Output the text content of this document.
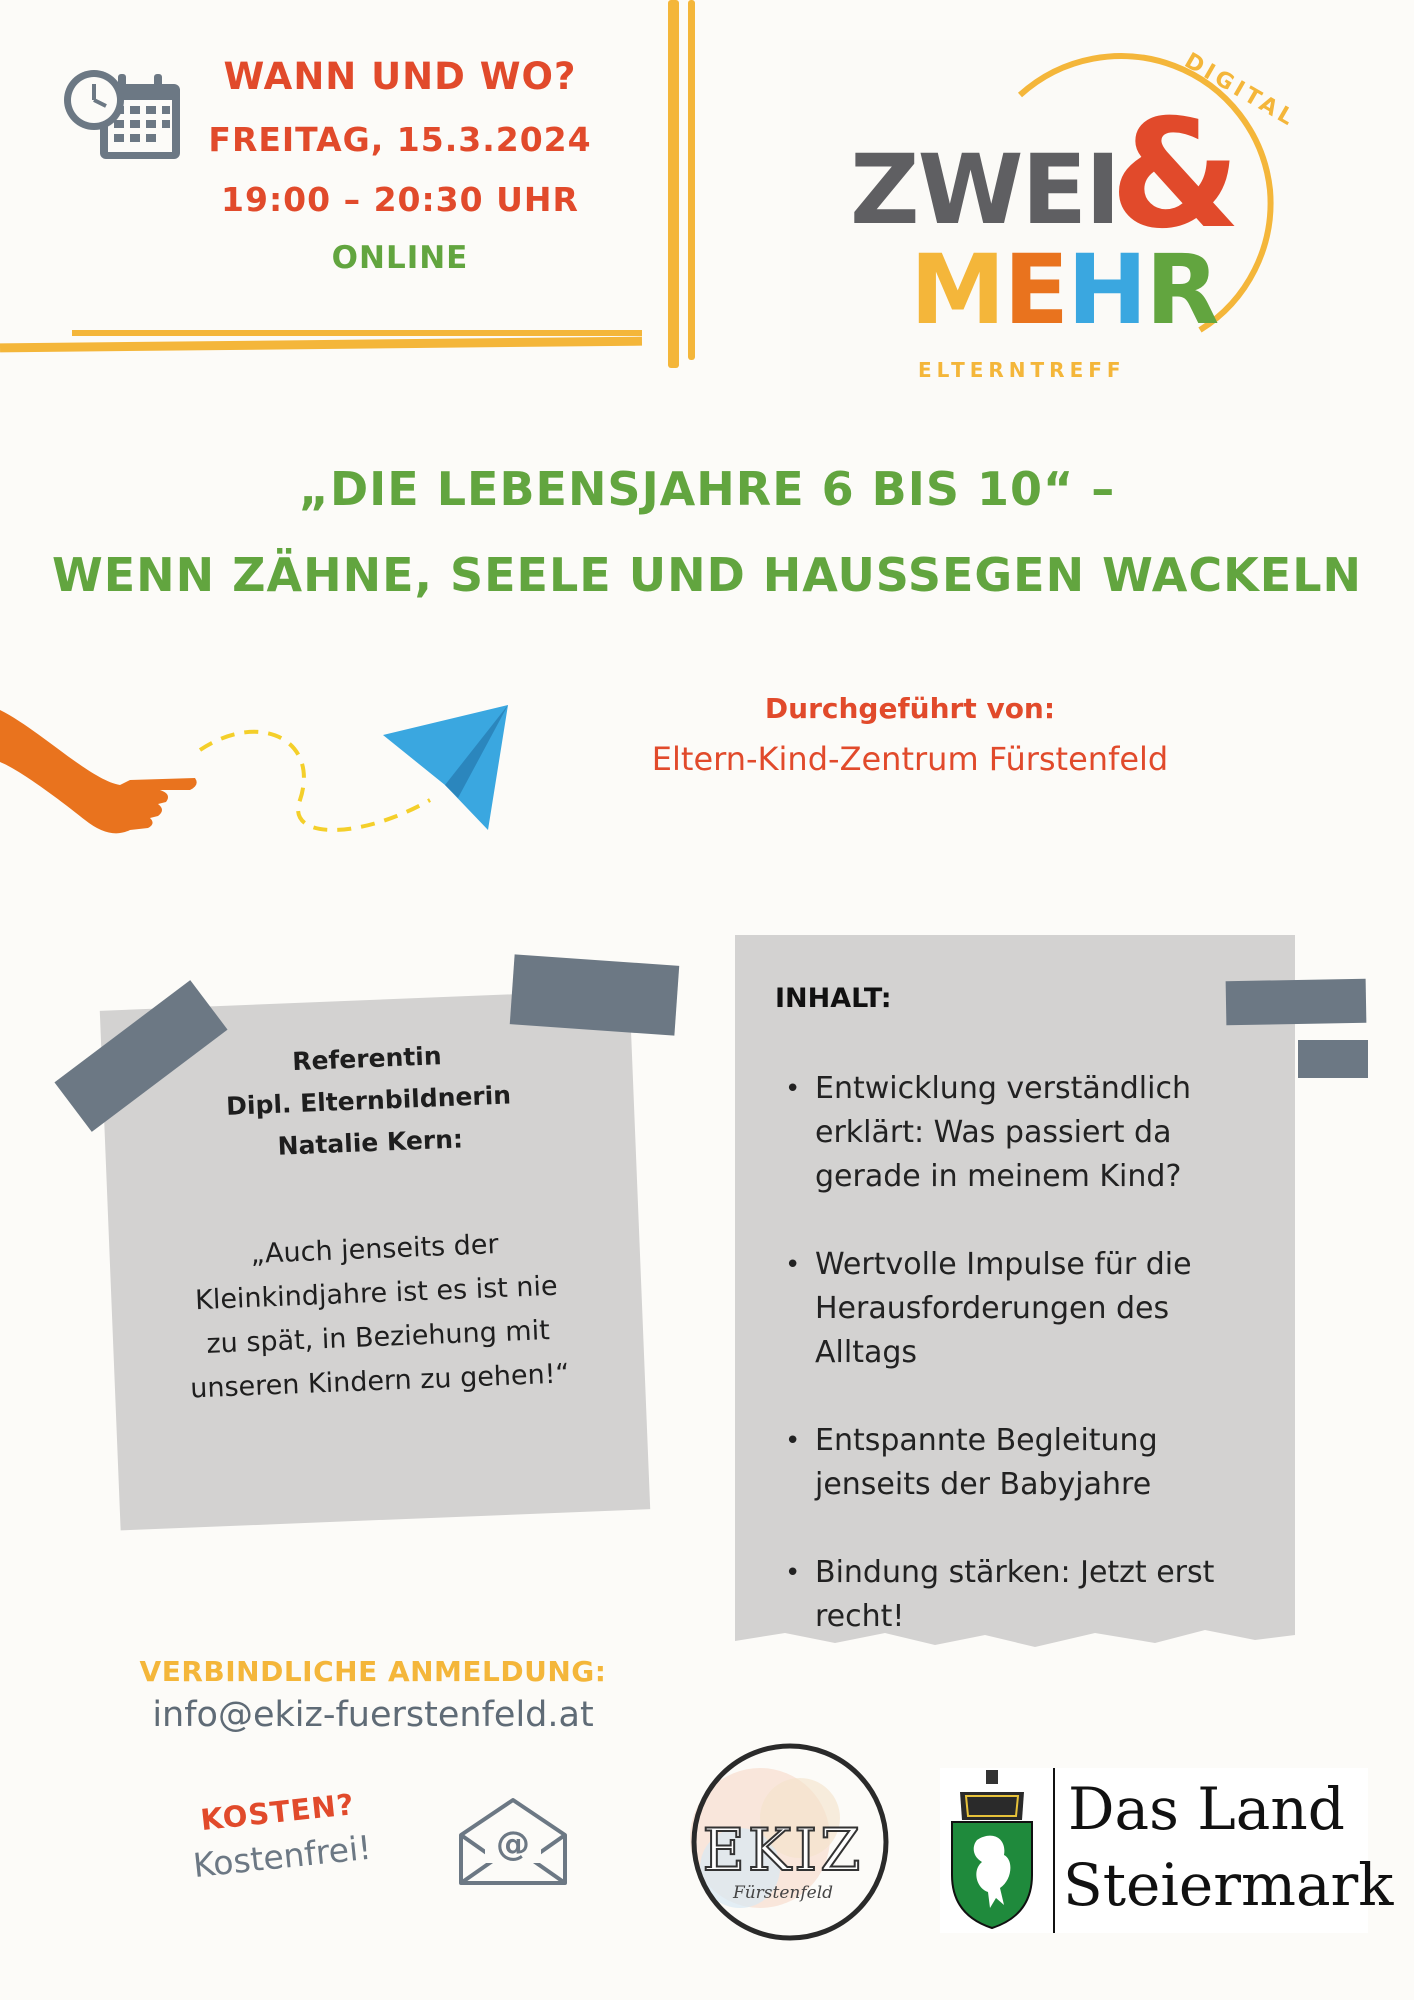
WANN UND WO?
FREITAG, 15.3.2024
19:00 – 20:30 UHR
ONLINE
DIGITAL
ZWEI
&
MEHR
ELTERNTREFF
„DIE LEBENSJAHRE 6 BIS 10“ –
WENN ZÄHNE, SEELE UND HAUSSEGEN WACKELN
Durchgeführt von:
Eltern-Kind-Zentrum Fürstenfeld
Referentin
Dipl. Elternbildnerin
Natalie Kern:
„Auch jenseits der
Kleinkindjahre ist es ist nie
zu spät, in Beziehung mit
unseren Kindern zu gehen!“
INHALT:
• Entwicklung verständlich erklärt: Was passiert da gerade in meinem Kind?
• Wertvolle Impulse für die Herausforderungen des Alltags
• Entspannte Begleitung jenseits der Babyjahre
• Bindung stärken: Jetzt erst recht!
VERBINDLICHE ANMELDUNG:
info@ekiz-fuerstenfeld.at
KOSTEN?
Kostenfrei!	@	EKIZ
Fürstenfeld
Das Land
Steiermark
